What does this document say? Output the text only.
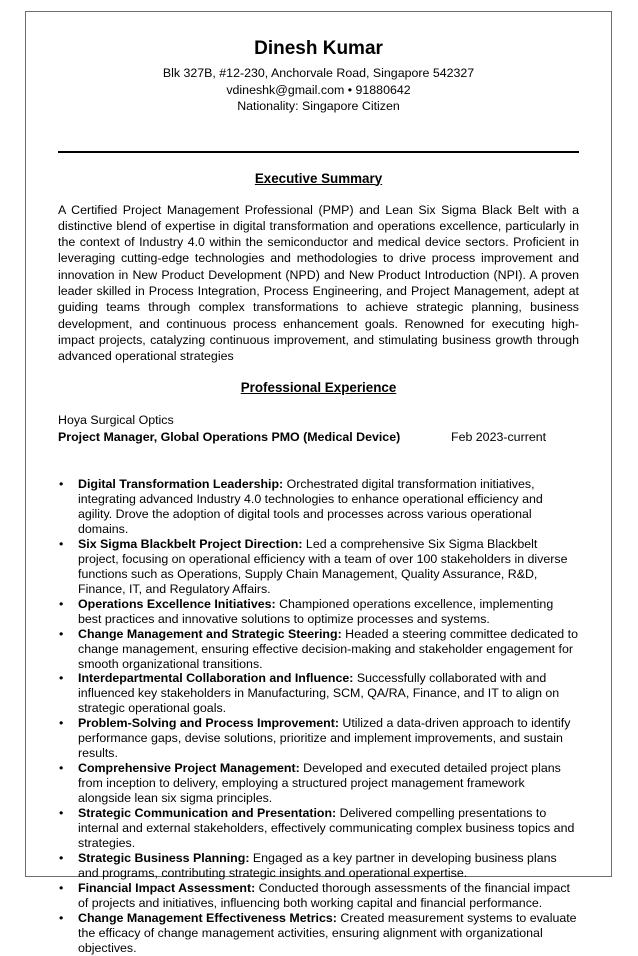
Dinesh Kumar
Blk 327B, #12-230, Anchorvale Road, Singapore 542327
vdineshk@gmail.com • 91880642
Nationality: Singapore Citizen
Executive Summary
A Certified Project Management Professional (PMP) and Lean Six Sigma Black Belt with a distinctive blend of expertise in digital transformation and operations excellence, particularly in the context of Industry 4.0 within the semiconductor and medical device sectors. Proficient in leveraging cutting-edge technologies and methodologies to drive process improvement and innovation in New Product Development (NPD) and New Product Introduction (NPI). A proven leader skilled in Process Integration, Process Engineering, and Project Management, adept at guiding teams through complex transformations to achieve strategic planning, business development, and continuous process enhancement goals. Renowned for executing high-impact projects, catalyzing continuous improvement, and stimulating business growth through advanced operational strategies
Professional Experience
Hoya Surgical Optics
Project Manager, Global Operations PMO (Medical Device)	Feb 2023-current
• Digital Transformation Leadership: Orchestrated digital transformation initiatives, integrating advanced Industry 4.0 technologies to enhance operational efficiency and agility. Drove the adoption of digital tools and processes across various operational domains.
• Six Sigma Blackbelt Project Direction: Led a comprehensive Six Sigma Blackbelt project, focusing on operational efficiency with a team of over 100 stakeholders in diverse functions such as Operations, Supply Chain Management, Quality Assurance, R&D, Finance, IT, and Regulatory Affairs.
• Operations Excellence Initiatives: Championed operations excellence, implementing best practices and innovative solutions to optimize processes and systems.
• Change Management and Strategic Steering: Headed a steering committee dedicated to change management, ensuring effective decision-making and stakeholder engagement for smooth organizational transitions.
• Interdepartmental Collaboration and Influence: Successfully collaborated with and influenced key stakeholders in Manufacturing, SCM, QA/RA, Finance, and IT to align on strategic operational goals.
• Problem-Solving and Process Improvement: Utilized a data-driven approach to identify performance gaps, devise solutions, prioritize and implement improvements, and sustain results.
• Comprehensive Project Management: Developed and executed detailed project plans from inception to delivery, employing a structured project management framework alongside lean six sigma principles.
• Strategic Communication and Presentation: Delivered compelling presentations to internal and external stakeholders, effectively communicating complex business topics and strategies.
• Strategic Business Planning: Engaged as a key partner in developing business plans and programs, contributing strategic insights and operational expertise.
• Financial Impact Assessment: Conducted thorough assessments of the financial impact of projects and initiatives, influencing both working capital and financial performance.
• Change Management Effectiveness Metrics: Created measurement systems to evaluate the efficacy of change management activities, ensuring alignment with organizational objectives.
